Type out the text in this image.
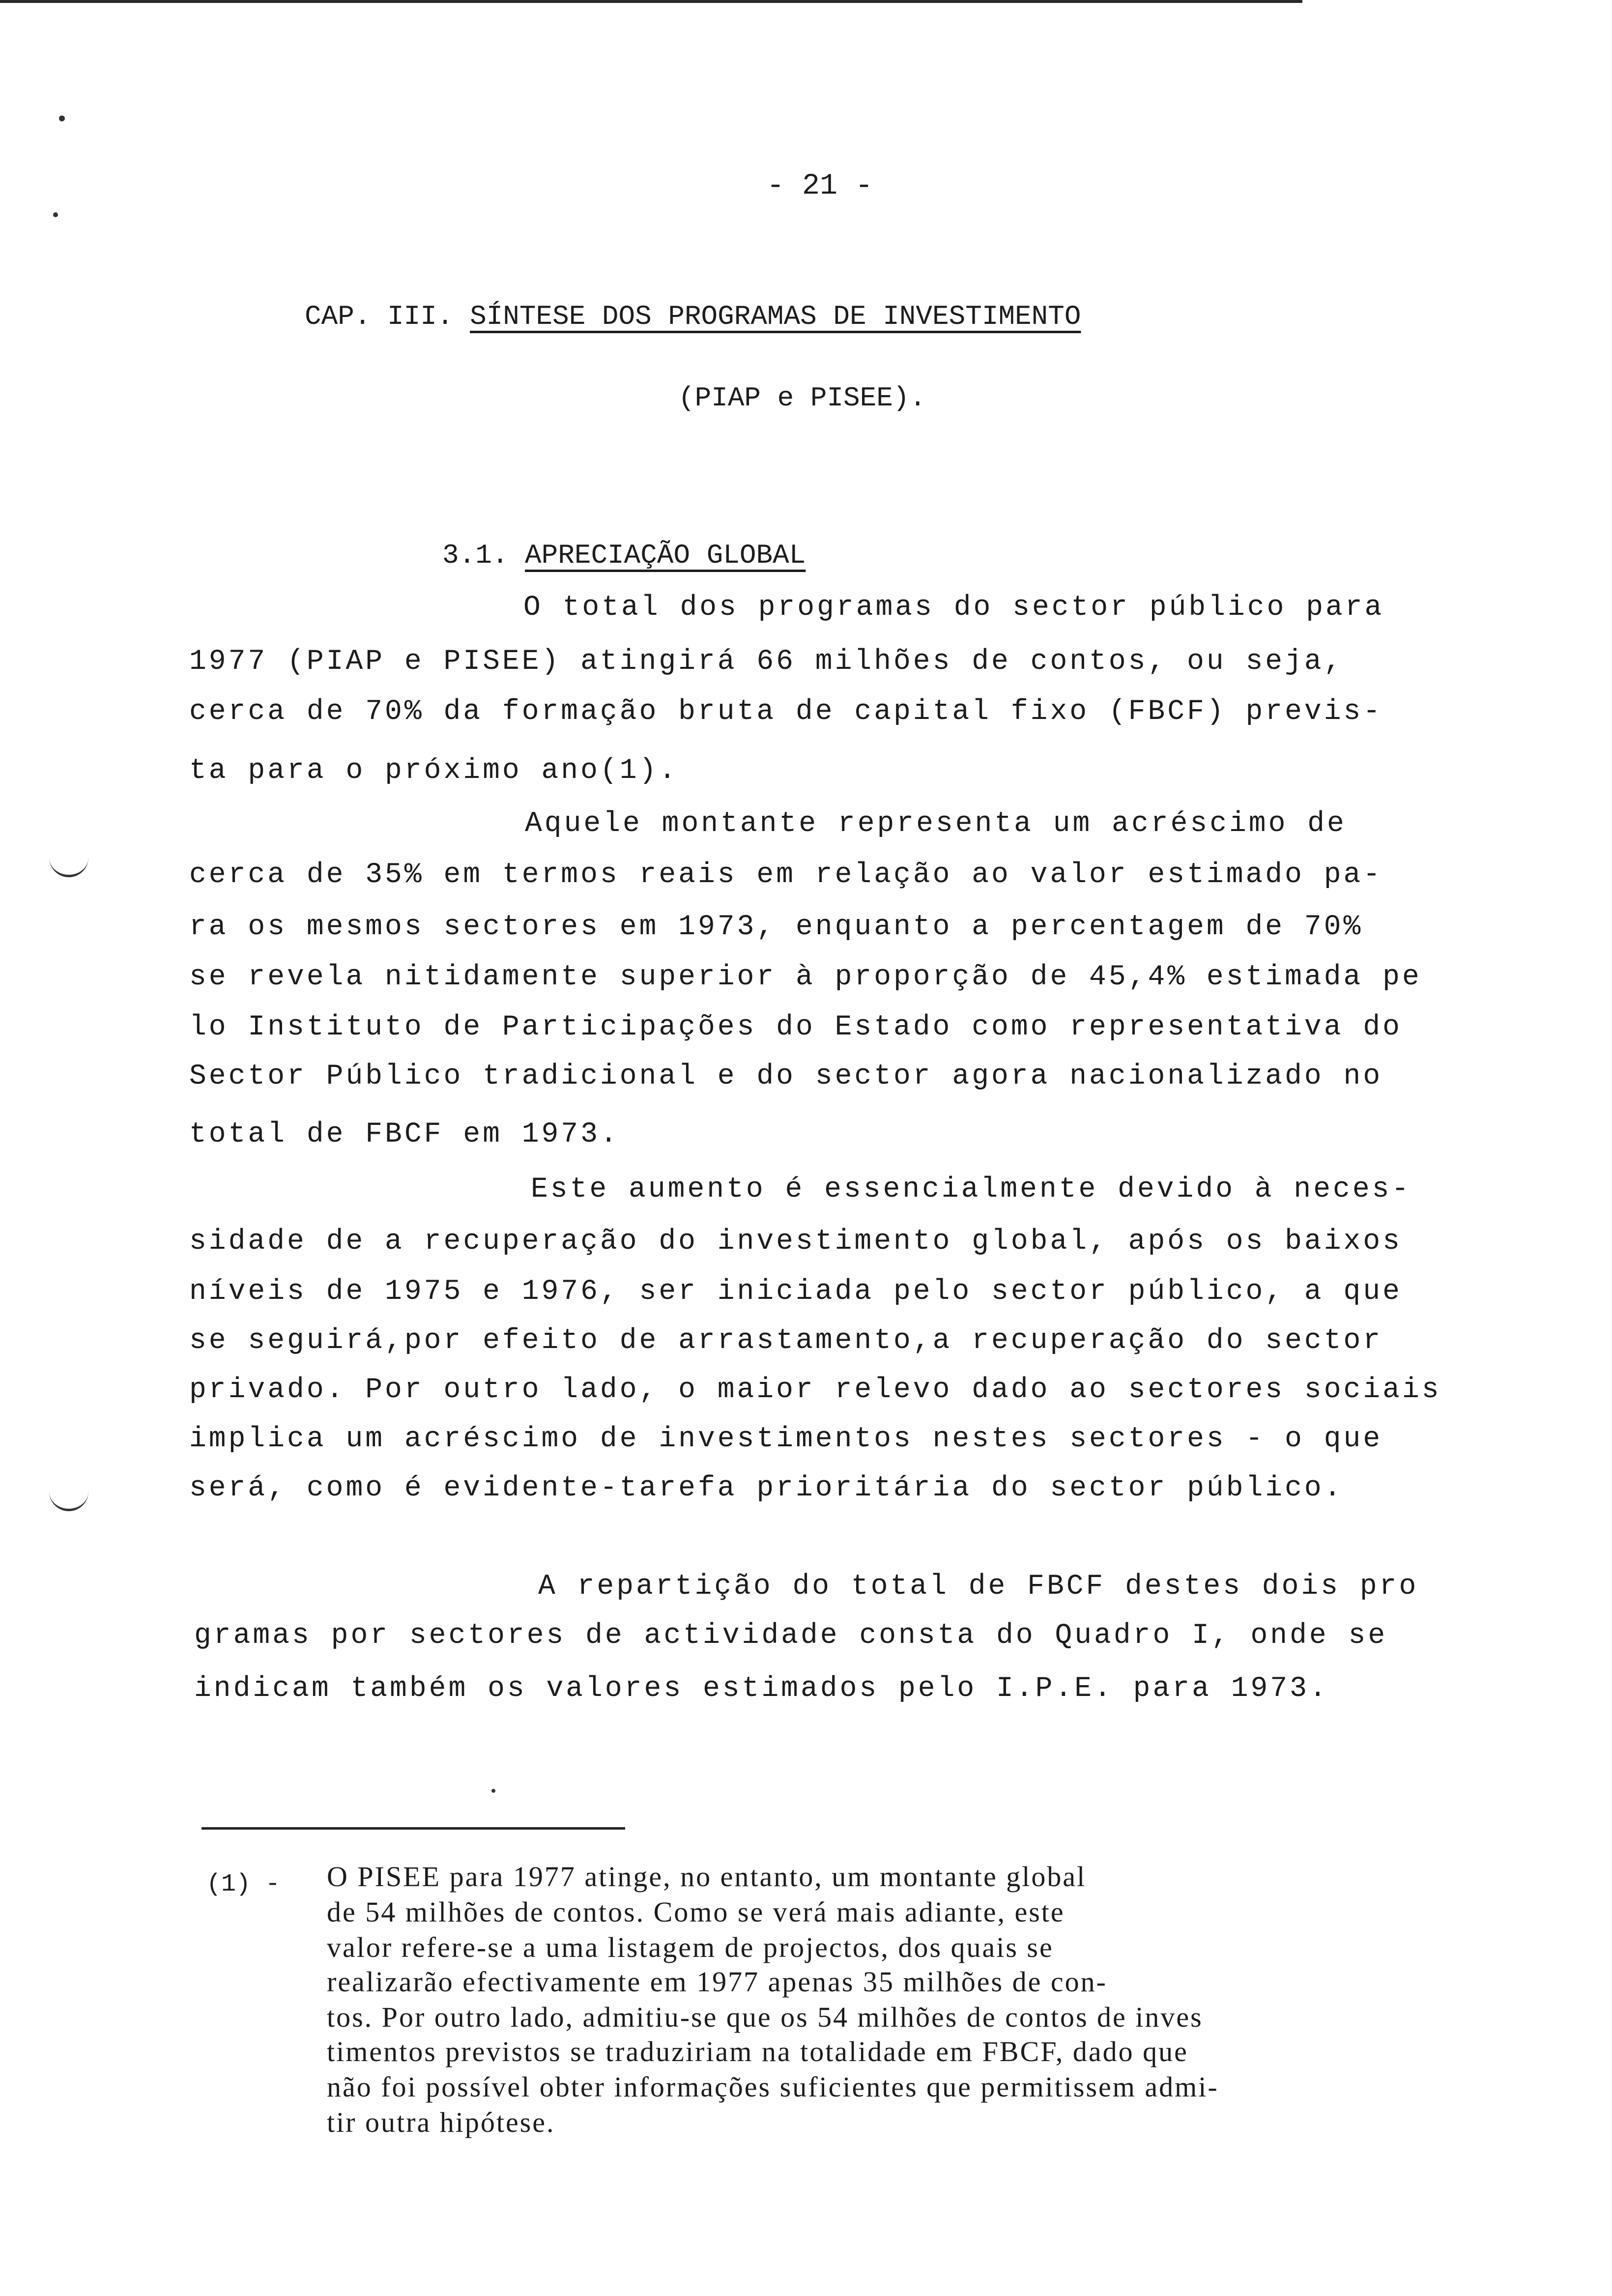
- 21 -
CAP. III. SÍNTESE DOS PROGRAMAS DE INVESTIMENTO
(PIAP e PISEE).
3.1. APRECIAÇÃO GLOBAL
O total dos programas do sector público para
1977 (PIAP e PISEE) atingirá 66 milhões de contos, ou seja,
cerca de 70% da formação bruta de capital fixo (FBCF) previs-
ta para o próximo ano(1).
Aquele montante representa um acréscimo de
cerca de 35% em termos reais em relação ao valor estimado pa-
ra os mesmos sectores em 1973, enquanto a percentagem de 70%
se revela nitidamente superior à proporção de 45,4% estimada pe
lo Instituto de Participações do Estado como representativa do
Sector Público tradicional e do sector agora nacionalizado no
total de FBCF em 1973.
Este aumento é essencialmente devido à neces-
sidade de a recuperação do investimento global, após os baixos
níveis de 1975 e 1976, ser iniciada pelo sector público, a que
se seguirá,por efeito de arrastamento,a recuperação do sector
privado. Por outro lado, o maior relevo dado ao sectores sociais
implica um acréscimo de investimentos nestes sectores - o que
será, como é evidente-tarefa prioritária do sector público.
A repartição do total de FBCF destes dois pro
gramas por sectores de actividade consta do Quadro I, onde se
indicam também os valores estimados pelo I.P.E. para 1973.
(1) - O PISEE para 1977 atinge, no entanto, um montante global
de 54 milhões de contos. Como se verá mais adiante, este
valor refere-se a uma listagem de projectos, dos quais se
realizarão efectivamente em 1977 apenas 35 milhões de con-
tos. Por outro lado, admitiu-se que os 54 milhões de contos de inves
timentos previstos se traduziriam na totalidade em FBCF, dado que
não foi possível obter informações suficientes que permitissem admi-
tir outra hipótese.
